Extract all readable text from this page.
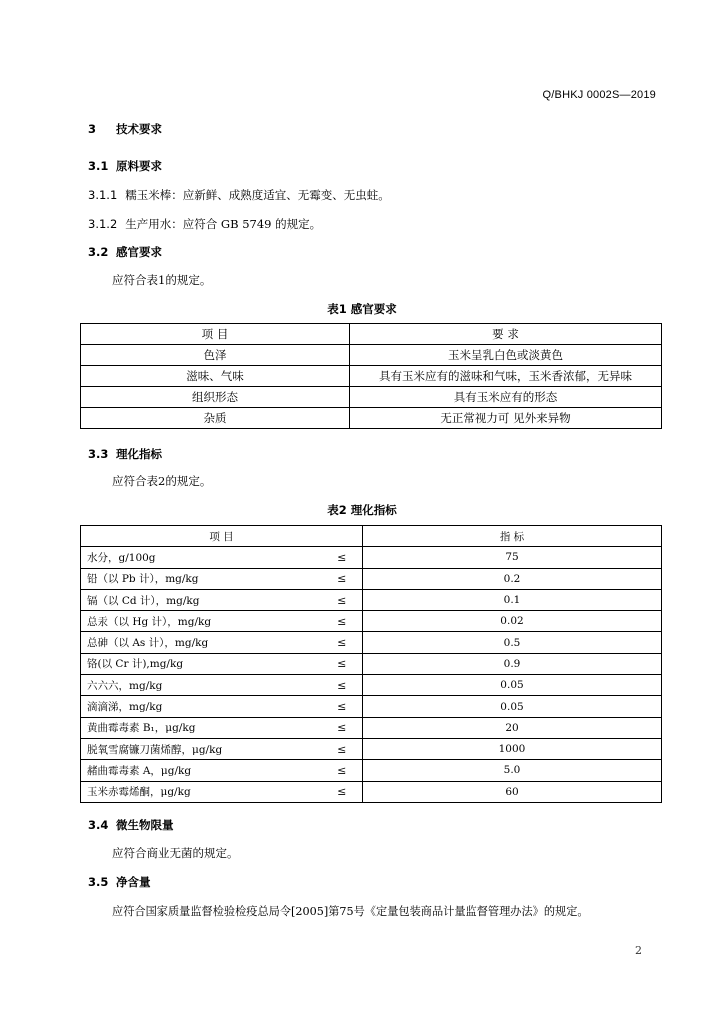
Q/BHKJ 0002S—2019
3 技术要求
3.1 原料要求
3.1.1 糯玉米棒：应新鲜、成熟度适宜、无霉变、无虫蛀。
3.1.2 生产用水：应符合 GB 5749 的规定。
3.2 感官要求
应符合表1的规定。
表1 感官要求
项 目	要 求
色泽	玉米呈乳白色或淡黄色
滋味、气味	具有玉米应有的滋味和气味，玉米香浓郁，无异味
组织形态	具有玉米应有的形态
杂质	无正常视力可 见外来异物
3.3 理化指标
应符合表2的规定。
表2 理化指标
项 目		指 标
水分，g/100g	≤	75
铅（以 Pb 计），mg/kg	≤	0.2
镉（以 Cd 计），mg/kg	≤	0.1
总汞（以 Hg 计），mg/kg	≤	0.02
总砷（以 As 计），mg/kg	≤	0.5
铬(以 Cr 计),mg/kg	≤	0.9
六六六，mg/kg	≤	0.05
滴滴涕，mg/kg	≤	0.05
黄曲霉毒素 B₁，μg/kg	≤	20
脱氧雪腐镰刀菌烯醇，μg/kg	≤	1000
赭曲霉毒素 A，μg/kg	≤	5.0
玉米赤霉烯酮，μg/kg	≤	60
3.4 微生物限量
应符合商业无菌的规定。
3.5 净含量
应符合国家质量监督检验检疫总局令[2005]第75号《定量包装商品计量监督管理办法》的规定。
2
